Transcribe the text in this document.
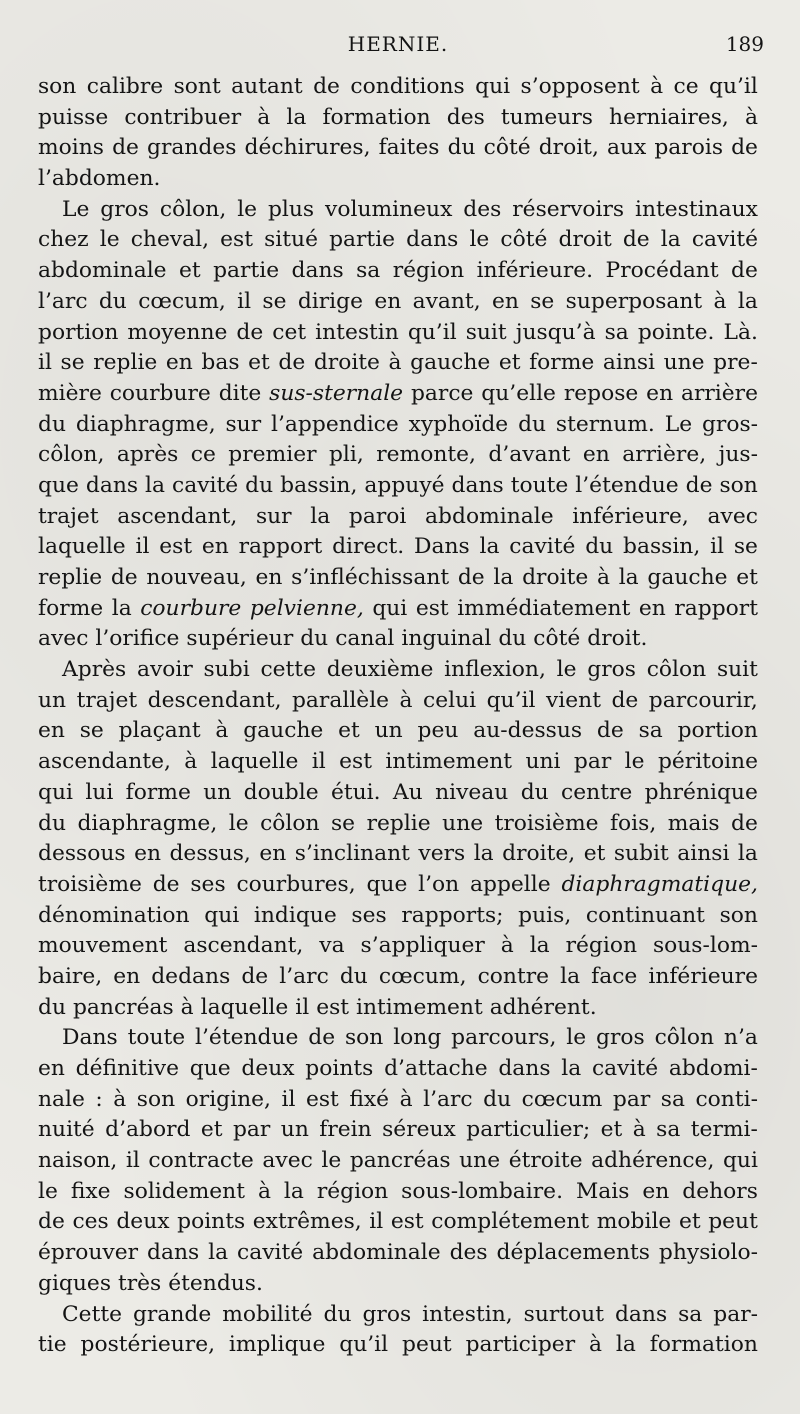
HERNIE.	189
son calibre sont autant de conditions qui s’opposent à ce qu’il
puisse contribuer à la formation des tumeurs herniaires, à
moins de grandes déchirures, faites du côté droit, aux parois de
l’abdomen.
Le gros côlon, le plus volumineux des réservoirs intestinaux
chez le cheval, est situé partie dans le côté droit de la cavité
abdominale et partie dans sa région inférieure. Procédant de
l’arc du cœcum, il se dirige en avant, en se superposant à la
portion moyenne de cet intestin qu’il suit jusqu’à sa pointe. Là.
il se replie en bas et de droite à gauche et forme ainsi une pre-
mière courbure dite sus-sternale parce qu’elle repose en arrière
du diaphragme, sur l’appendice xyphoïde du sternum. Le gros-
côlon, après ce premier pli, remonte, d’avant en arrière, jus-
que dans la cavité du bassin, appuyé dans toute l’étendue de son
trajet ascendant, sur la paroi abdominale inférieure, avec
laquelle il est en rapport direct. Dans la cavité du bassin, il se
replie de nouveau, en s’infléchissant de la droite à la gauche et
forme la courbure pelvienne, qui est immédiatement en rapport
avec l’orifice supérieur du canal inguinal du côté droit.
Après avoir subi cette deuxième inflexion, le gros côlon suit
un trajet descendant, parallèle à celui qu’il vient de parcourir,
en se plaçant à gauche et un peu au-dessus de sa portion
ascendante, à laquelle il est intimement uni par le péritoine
qui lui forme un double étui. Au niveau du centre phrénique
du diaphragme, le côlon se replie une troisième fois, mais de
dessous en dessus, en s’inclinant vers la droite, et subit ainsi la
troisième de ses courbures, que l’on appelle diaphragmatique,
dénomination qui indique ses rapports; puis, continuant son
mouvement ascendant, va s’appliquer à la région sous-lom-
baire, en dedans de l’arc du cœcum, contre la face inférieure
du pancréas à laquelle il est intimement adhérent.
Dans toute l’étendue de son long parcours, le gros côlon n’a
en définitive que deux points d’attache dans la cavité abdomi-
nale : à son origine, il est fixé à l’arc du cœcum par sa conti-
nuité d’abord et par un frein séreux particulier; et à sa termi-
naison, il contracte avec le pancréas une étroite adhérence, qui
le fixe solidement à la région sous-lombaire. Mais en dehors
de ces deux points extrêmes, il est complétement mobile et peut
éprouver dans la cavité abdominale des déplacements physiolo-
giques très étendus.
Cette grande mobilité du gros intestin, surtout dans sa par-
tie postérieure, implique qu’il peut participer à la formation
